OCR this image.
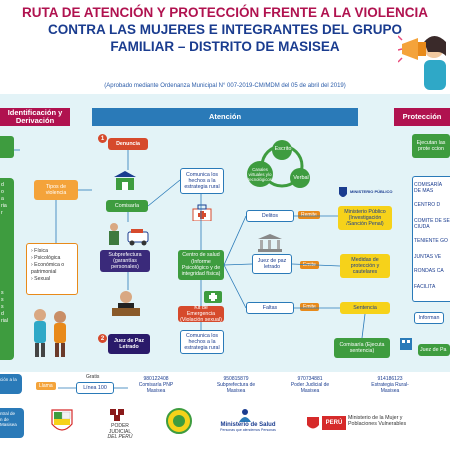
RUTA DE ATENCIÓN Y PROTECCIÓN FRENTE A LA VIOLENCIA
CONTRA LAS MUJERES E INTEGRANTES DEL GRUPO
FAMILIAR – DISTRITO DE MASISEA
(Aprobado mediante Ordenanza Municipal N° 007-2019-CM/MDM del 05 de abril del 2019)
Identificación y Derivación
d
o
a
ria
r
s
s
s
d
rial
Tipos de violencia
› Física
› Psicológica
› Económica o patrimonial
› Sexual
Atención
1
Denuncia
Comisaría
Subprefectura (garantías personales)
2	Juez de Paz Letrado
Comunica los hechos a la estrategia rural
Centro de salud (Informe Psicológico y de integridad física)
Kit de Emergencia (Violación sexual)
Comunica los hechos a la estrategia rural
Escrito
Verbal
Canales virtuales y/o tecnológicos
Delitos	Remite
Juez de paz letrado	Emite
Faltas	Emite
MINISTERIO PÚBLICO
Ministerio Público (Investigación /Sanción Penal)
Medidas de protección y cautelares
Sentencia
Comisaría (Ejecuta sentencia)
Protección
Ejecutan las prote ccion
COMISARÍA DE MAS
CENTRO D
COMITE DE SE CIUDA
TENIENTE GO
JUNTAS VE
RONDAS CA
FACILITA
Informan
Juez de Pa
ción a la
Llama
Gratis
Línea 100
980122408
Comisaría PNP Masisea
950815879
Subprefectura de Masisea
970734881
Poder Judicial de Masisea
914186123
Estrategia Rural-Masisea
ntral de
n de
Masisea	PODER JUDICIAL
DEL PERÚ
Ministerio de Salud
Personas que atendemos Personas
PERÚ
Ministerio de la Mujer y Poblaciones Vulnerables
